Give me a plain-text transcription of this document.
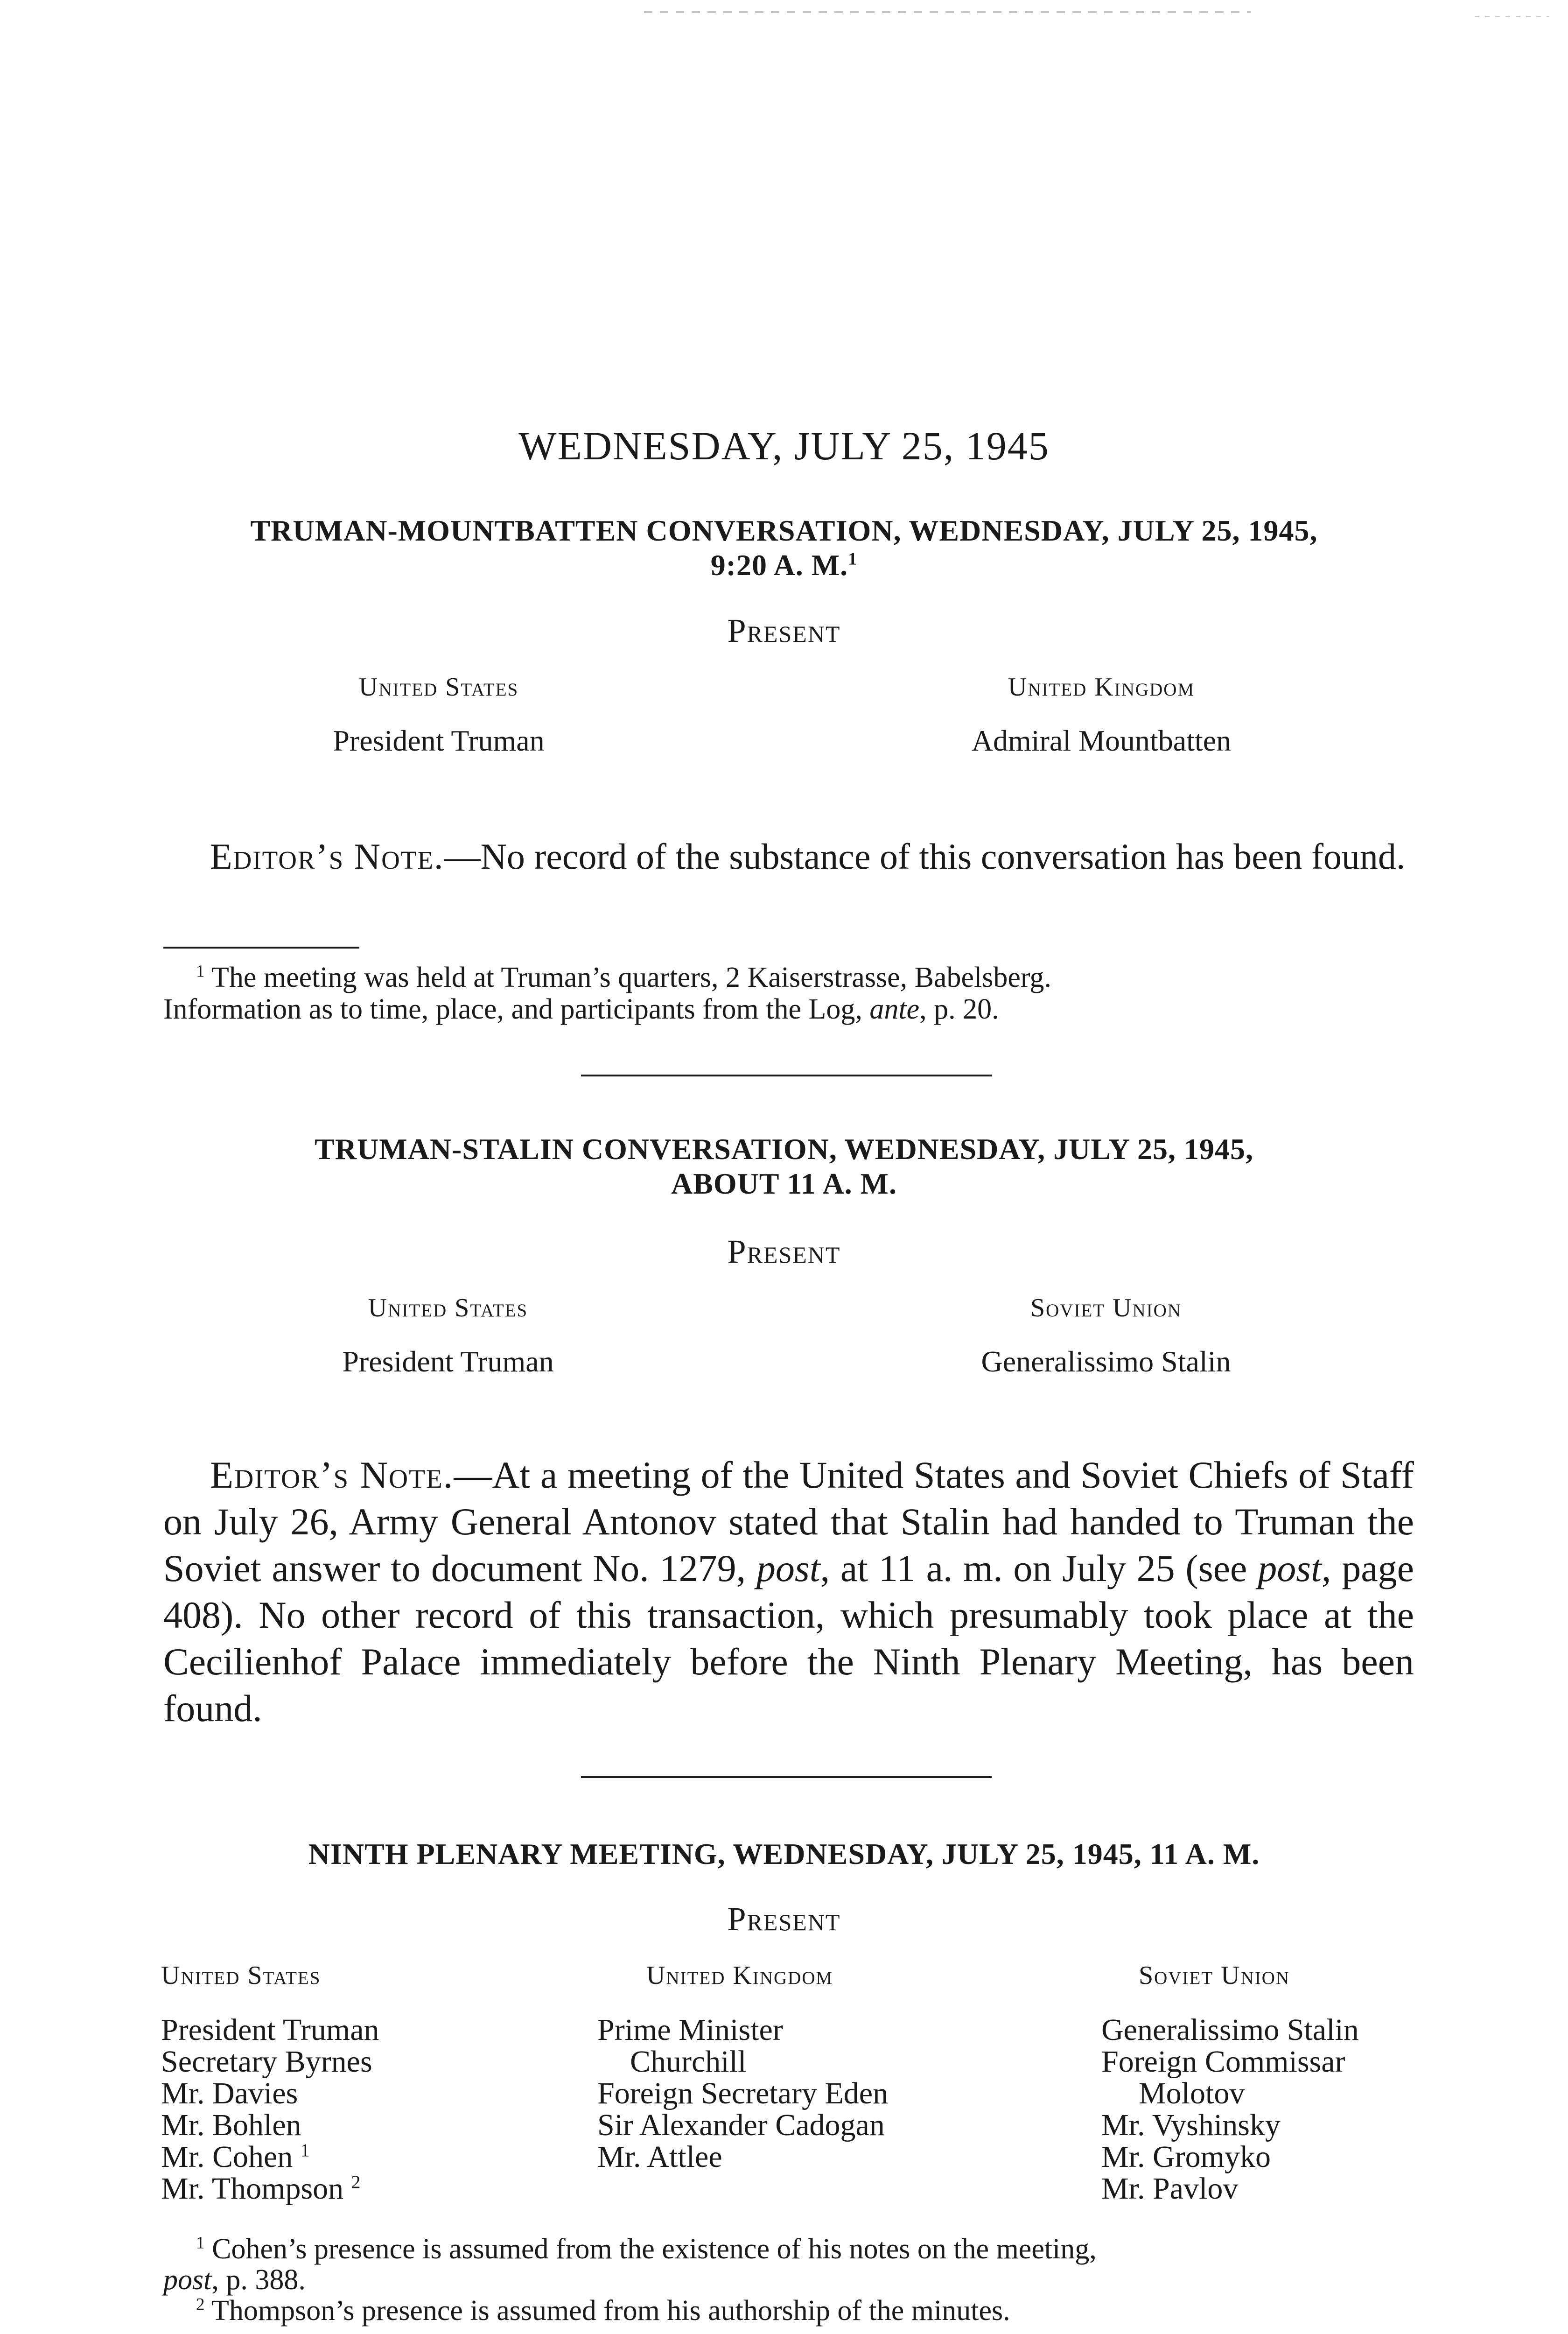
WEDNESDAY, JULY 25, 1945
TRUMAN-MOUNTBATTEN CONVERSATION, WEDNESDAY, JULY 25, 1945,
9:20 A. M.$^1$
Present
United States
President Truman
United Kingdom
Admiral Mountbatten
Editor’s Note.—No record of the substance of this conversation has been found.
$^1$ The meeting was held at Truman’s quarters, 2 Kaiserstrasse, Babelsberg.
Information as to time, place, and participants from the Log, ante, p. 20.
TRUMAN-STALIN CONVERSATION, WEDNESDAY, JULY 25, 1945,
ABOUT 11 A. M.
Present
United States
President Truman
Soviet Union
Generalissimo Stalin
Editor’s Note.—At a meeting of the United States and Soviet Chiefs of Staff on July 26, Army General Antonov stated that Stalin had handed to Truman the Soviet answer to document No. 1279, post, at 11 a. m. on July 25 (see post, page 408). No other record of this transaction, which presumably took place at the Cecilienhof Palace immediately before the Ninth Plenary Meeting, has been found.
NINTH PLENARY MEETING, WEDNESDAY, JULY 25, 1945, 11 A. M.
Present
United States
President Truman
Secretary Byrnes
Mr. Davies
Mr. Bohlen
Mr. Cohen $^1$
Mr. Thompson $^2$
United Kingdom
Prime Minister
Churchill
Foreign Secretary Eden
Sir Alexander Cadogan
Mr. Attlee
Soviet Union
Generalissimo Stalin
Foreign Commissar
Molotov
Mr. Vyshinsky
Mr. Gromyko
Mr. Pavlov
$^1$ Cohen’s presence is assumed from the existence of his notes on the meeting,
post, p. 388.
$^2$ Thompson’s presence is assumed from his authorship of the minutes.
